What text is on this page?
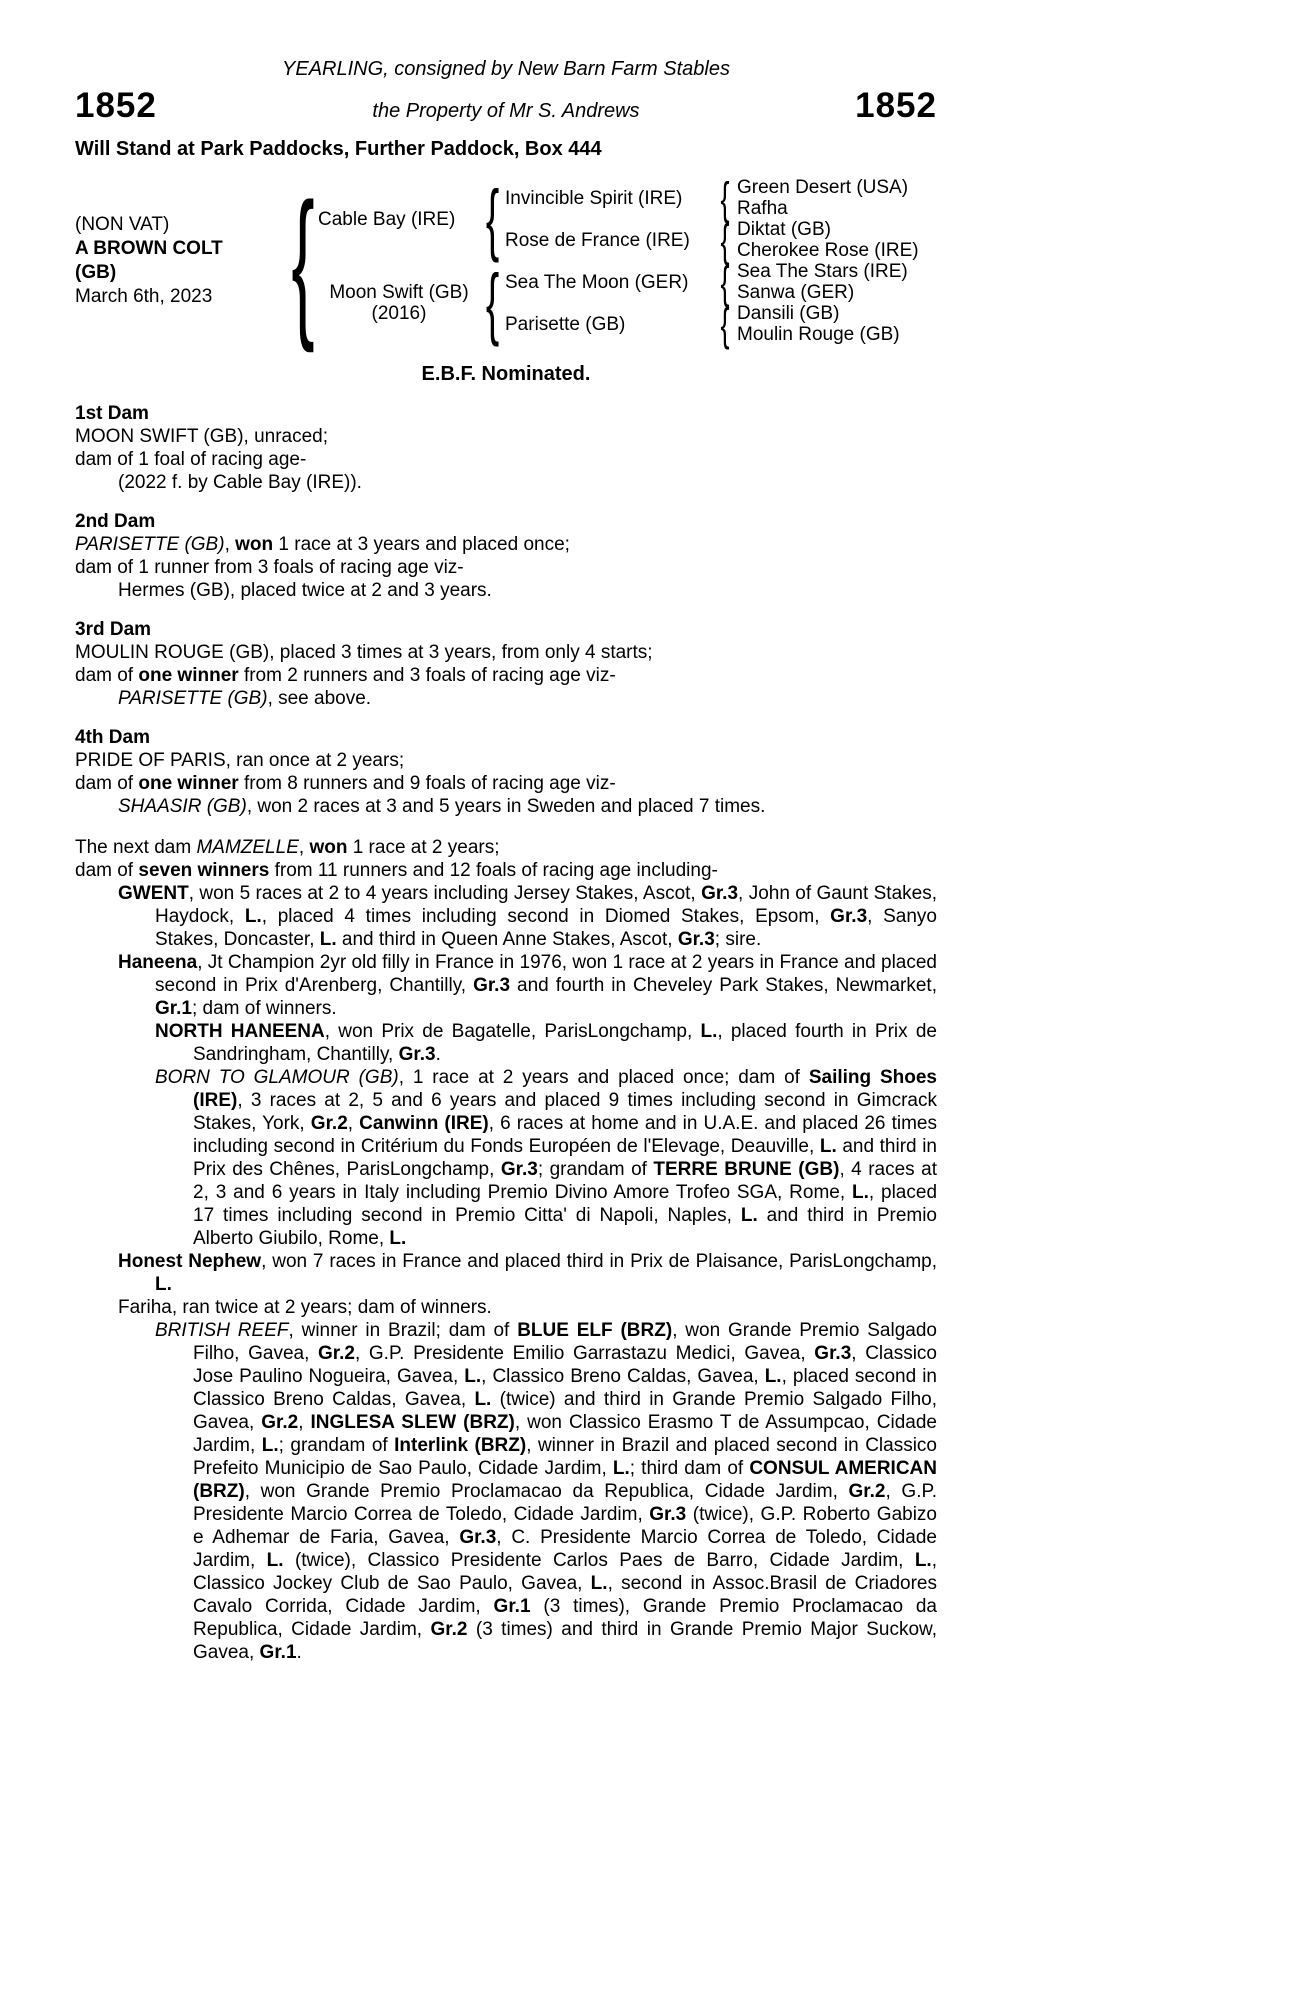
YEARLING, consigned by New Barn Farm Stables
1852	the Property of Mr S. Andrews	1852
Will Stand at Park Paddocks, Further Paddock, Box 444
(NON VAT)
A BROWN COLT
(GB)
March 6th, 2023 { Cable Bay (IRE)
Moon Swift (GB)
(2016)
{
{
Invincible Spirit (IRE)
Rose de France (IRE)
Sea The Moon (GER)
Parisette (GB)
{
{
{
{
Green Desert (USA)
Rafha
Diktat (GB)
Cherokee Rose (IRE)
Sea The Stars (IRE)
Sanwa (GER)
Dansili (GB)
Moulin Rouge (GB)
E.B.F. Nominated.
1st Dam
MOON SWIFT (GB), unraced;
dam of 1 foal of racing age-
(2022 f. by Cable Bay (IRE)).
2nd Dam
PARISETTE (GB), won 1 race at 3 years and placed once;
dam of 1 runner from 3 foals of racing age viz-
Hermes (GB), placed twice at 2 and 3 years.
3rd Dam
MOULIN ROUGE (GB), placed 3 times at 3 years, from only 4 starts;
dam of one winner from 2 runners and 3 foals of racing age viz-
PARISETTE (GB), see above.
4th Dam
PRIDE OF PARIS, ran once at 2 years;
dam of one winner from 8 runners and 9 foals of racing age viz-
SHAASIR (GB), won 2 races at 3 and 5 years in Sweden and placed 7 times.
The next dam MAMZELLE, won 1 race at 2 years;
dam of seven winners from 11 runners and 12 foals of racing age including-
GWENT, won 5 races at 2 to 4 years including Jersey Stakes, Ascot, Gr.3, John of Gaunt Stakes, Haydock, L., placed 4 times including second in Diomed Stakes, Epsom, Gr.3, Sanyo Stakes, Doncaster, L. and third in Queen Anne Stakes, Ascot, Gr.3; sire.
Haneena, Jt Champion 2yr old filly in France in 1976, won 1 race at 2 years in France and placed second in Prix d'Arenberg, Chantilly, Gr.3 and fourth in Cheveley Park Stakes, Newmarket, Gr.1; dam of winners.
NORTH HANEENA, won Prix de Bagatelle, ParisLongchamp, L., placed fourth in Prix de Sandringham, Chantilly, Gr.3.
BORN TO GLAMOUR (GB), 1 race at 2 years and placed once; dam of Sailing Shoes (IRE), 3 races at 2, 5 and 6 years and placed 9 times including second in Gimcrack Stakes, York, Gr.2, Canwinn (IRE), 6 races at home and in U.A.E. and placed 26 times including second in Critérium du Fonds Européen de l'Elevage, Deauville, L. and third in Prix des Chênes, ParisLongchamp, Gr.3; grandam of TERRE BRUNE (GB), 4 races at 2, 3 and 6 years in Italy including Premio Divino Amore Trofeo SGA, Rome, L., placed 17 times including second in Premio Citta' di Napoli, Naples, L. and third in Premio Alberto Giubilo, Rome, L.
Honest Nephew, won 7 races in France and placed third in Prix de Plaisance, ParisLongchamp, L.
Fariha, ran twice at 2 years; dam of winners.
BRITISH REEF, winner in Brazil; dam of BLUE ELF (BRZ), won Grande Premio Salgado Filho, Gavea, Gr.2, G.P. Presidente Emilio Garrastazu Medici, Gavea, Gr.3, Classico Jose Paulino Nogueira, Gavea, L., Classico Breno Caldas, Gavea, L., placed second in Classico Breno Caldas, Gavea, L. (twice) and third in Grande Premio Salgado Filho, Gavea, Gr.2, INGLESA SLEW (BRZ), won Classico Erasmo T de Assumpcao, Cidade Jardim, L.; grandam of Interlink (BRZ), winner in Brazil and placed second in Classico Prefeito Municipio de Sao Paulo, Cidade Jardim, L.; third dam of CONSUL AMERICAN (BRZ), won Grande Premio Proclamacao da Republica, Cidade Jardim, Gr.2, G.P. Presidente Marcio Correa de Toledo, Cidade Jardim, Gr.3 (twice), G.P. Roberto Gabizo e Adhemar de Faria, Gavea, Gr.3, C. Presidente Marcio Correa de Toledo, Cidade Jardim, L. (twice), Classico Presidente Carlos Paes de Barro, Cidade Jardim, L., Classico Jockey Club de Sao Paulo, Gavea, L., second in Assoc.Brasil de Criadores Cavalo Corrida, Cidade Jardim, Gr.1 (3 times), Grande Premio Proclamacao da Republica, Cidade Jardim, Gr.2 (3 times) and third in Grande Premio Major Suckow, Gavea, Gr.1.
